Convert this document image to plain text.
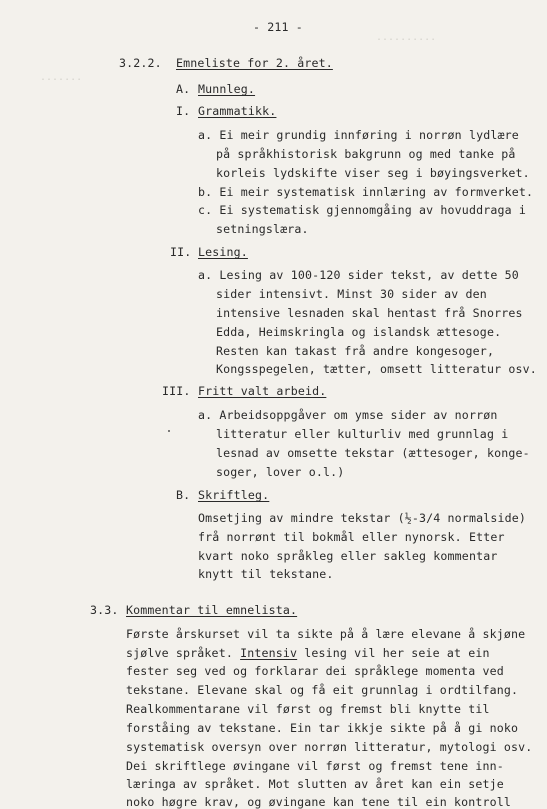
..........
.......
- 211 -
3.2.2. Emneliste for 2. året.
A. Munnleg.
I. Grammatikk.
a. Ei meir grundig innføring i norrøn lydlære
på språkhistorisk bakgrunn og med tanke på
korleis lydskifte viser seg i bøyingsverket.
b. Ei meir systematisk innlæring av formverket.
c. Ei systematisk gjennomgåing av hovuddraga i
setningslæra.
II. Lesing.
a. Lesing av 100-120 sider tekst, av dette 50
sider intensivt. Minst 30 sider av den
intensive lesnaden skal hentast frå Snorres
Edda, Heimskringla og islandsk ættesoge.
Resten kan takast frå andre kongesoger,
Kongsspegelen, tætter, omsett litteratur osv.
III. Fritt valt arbeid.
a. Arbeidsoppgåver om ymse sider av norrøn
litteratur eller kulturliv med grunnlag i
lesnad av omsette tekstar (ættesoger, konge-
soger, lover o.l.)
B. Skriftleg.
Omsetjing av mindre tekstar (½-3/4 normalside)
frå norrønt til bokmål eller nynorsk. Etter
kvart noko språkleg eller sakleg kommentar
knytt til tekstane.
3.3. Kommentar til emnelista.
Første årskurset vil ta sikte på å lære elevane å skjøne
sjølve språket. Intensiv lesing vil her seie at ein
fester seg ved og forklarar dei språklege momenta ved
tekstane. Elevane skal og få eit grunnlag i ordtilfang.
Realkommentarane vil først og fremst bli knytte til
forståing av tekstane. Ein tar ikkje sikte på å gi noko
systematisk oversyn over norrøn litteratur, mytologi osv.
Dei skriftlege øvingane vil først og fremst tene inn-
læringa av språket. Mot slutten av året kan ein setje
noko høgre krav, og øvingane kan tene til ein kontroll
